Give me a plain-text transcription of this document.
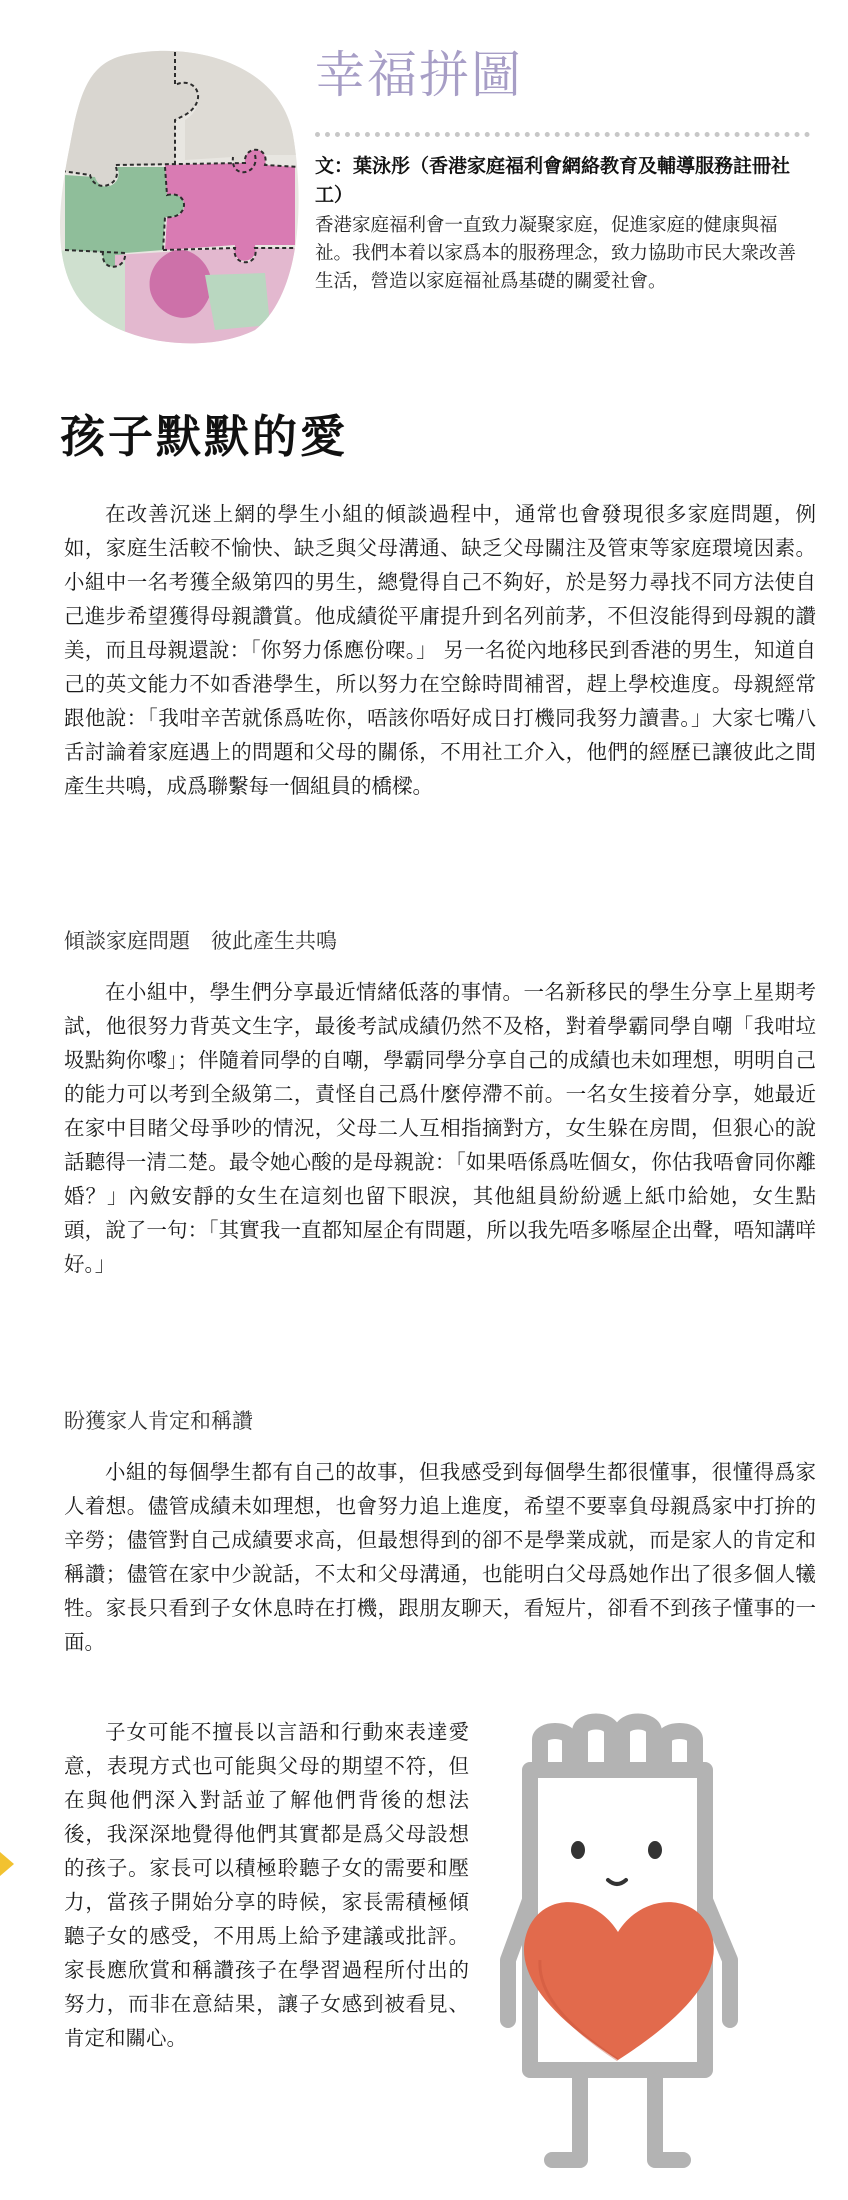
幸福拼圖

文：葉泳彤（香港家庭福利會網絡教育及輔導服務註冊社工）

香港家庭福利會一直致力凝聚家庭，促進家庭的健康與福祉。我們本着以家爲本的服務理念，致力協助市民大衆改善生活，營造以家庭福祉爲基礎的關愛社會。

孩子默默的愛

在改善沉迷上網的學生小組的傾談過程中，通常也會發現很多家庭問題，例如，家庭生活較不愉快、缺乏與父母溝通、缺乏父母關注及管束等家庭環境因素。小組中一名考獲全級第四的男生，總覺得自己不夠好，於是努力尋找不同方法使自己進步希望獲得母親讚賞。他成績從平庸提升到名列前茅，不但沒能得到母親的讚美，而且母親還說：「你努力係應份㗎。」 另一名從內地移民到香港的男生，知道自己的英文能力不如香港學生，所以努力在空餘時間補習，趕上學校進度。母親經常跟他說：「我咁辛苦就係爲咗你，唔該你唔好成日打機同我努力讀書。」大家七嘴八舌討論着家庭遇上的問題和父母的關係，不用社工介入，他們的經歷已讓彼此之間產生共鳴，成爲聯繫每一個組員的橋樑。

傾談家庭問題　彼此產生共鳴

在小組中，學生們分享最近情緒低落的事情。一名新移民的學生分享上星期考試，他很努力背英文生字，最後考試成績仍然不及格，對着學霸同學自嘲「我咁垃圾點夠你嚟」；伴隨着同學的自嘲，學霸同學分享自己的成績也未如理想，明明自己的能力可以考到全級第二，責怪自己爲什麼停滯不前。一名女生接着分享，她最近在家中目睹父母爭吵的情況，父母二人互相指摘對方，女生躲在房間，但狠心的說話聽得一清二楚。最令她心酸的是母親說：「如果唔係爲咗個女，你估我唔會同你離婚？」內斂安靜的女生在這刻也留下眼淚，其他組員紛紛遞上紙巾給她，女生點頭，說了一句：「其實我一直都知屋企有問題，所以我先唔多喺屋企出聲，唔知講咩好。」

盼獲家人肯定和稱讚

小組的每個學生都有自己的故事，但我感受到每個學生都很懂事，很懂得爲家人着想。儘管成績未如理想，也會努力追上進度，希望不要辜負母親爲家中打拚的辛勞；儘管對自己成績要求高，但最想得到的卻不是學業成就，而是家人的肯定和稱讚；儘管在家中少說話，不太和父母溝通，也能明白父母爲她作出了很多個人犧牲。家長只看到子女休息時在打機，跟朋友聊天，看短片，卻看不到孩子懂事的一面。

子女可能不擅長以言語和行動來表達愛意，表現方式也可能與父母的期望不符，但在與他們深入對話並了解他們背後的想法後，我深深地覺得他們其實都是爲父母設想的孩子。家長可以積極聆聽子女的需要和壓力，當孩子開始分享的時候，家長需積極傾聽子女的感受，不用馬上給予建議或批評。家長應欣賞和稱讚孩子在學習過程所付出的努力，而非在意結果，讓子女感到被看見、肯定和關心。
